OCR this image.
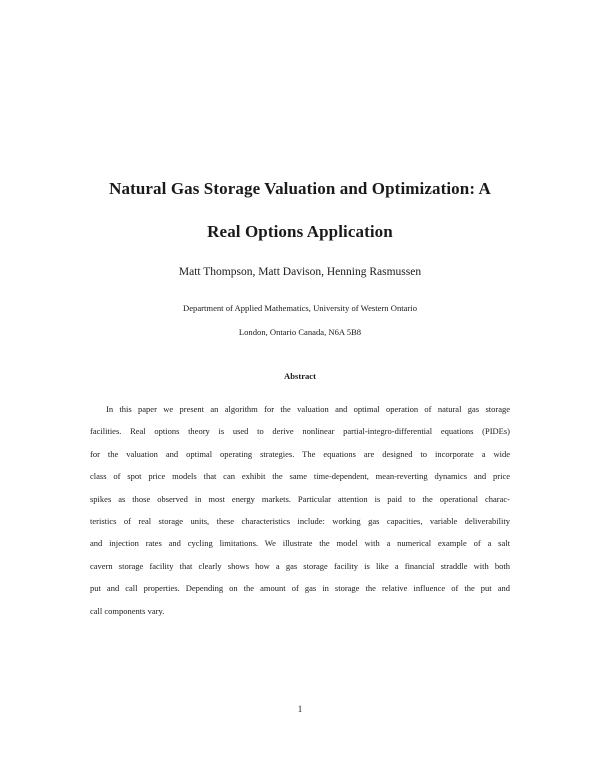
Natural Gas Storage Valuation and Optimization: A
Real Options Application
Matt Thompson, Matt Davison, Henning Rasmussen
Department of Applied Mathematics, University of Western Ontario
London, Ontario Canada, N6A 5B8
Abstract
In this paper we present an algorithm for the valuation and optimal operation of natural gas storage
facilities. Real options theory is used to derive nonlinear partial-integro-differential equations (PIDEs)
for the valuation and optimal operating strategies. The equations are designed to incorporate a wide
class of spot price models that can exhibit the same time-dependent, mean-reverting dynamics and price
spikes as those observed in most energy markets. Particular attention is paid to the operational charac-
teristics of real storage units, these characteristics include: working gas capacities, variable deliverability
and injection rates and cycling limitations. We illustrate the model with a numerical example of a salt
cavern storage facility that clearly shows how a gas storage facility is like a financial straddle with both
put and call properties. Depending on the amount of gas in storage the relative influence of the put and
call components vary.
1
